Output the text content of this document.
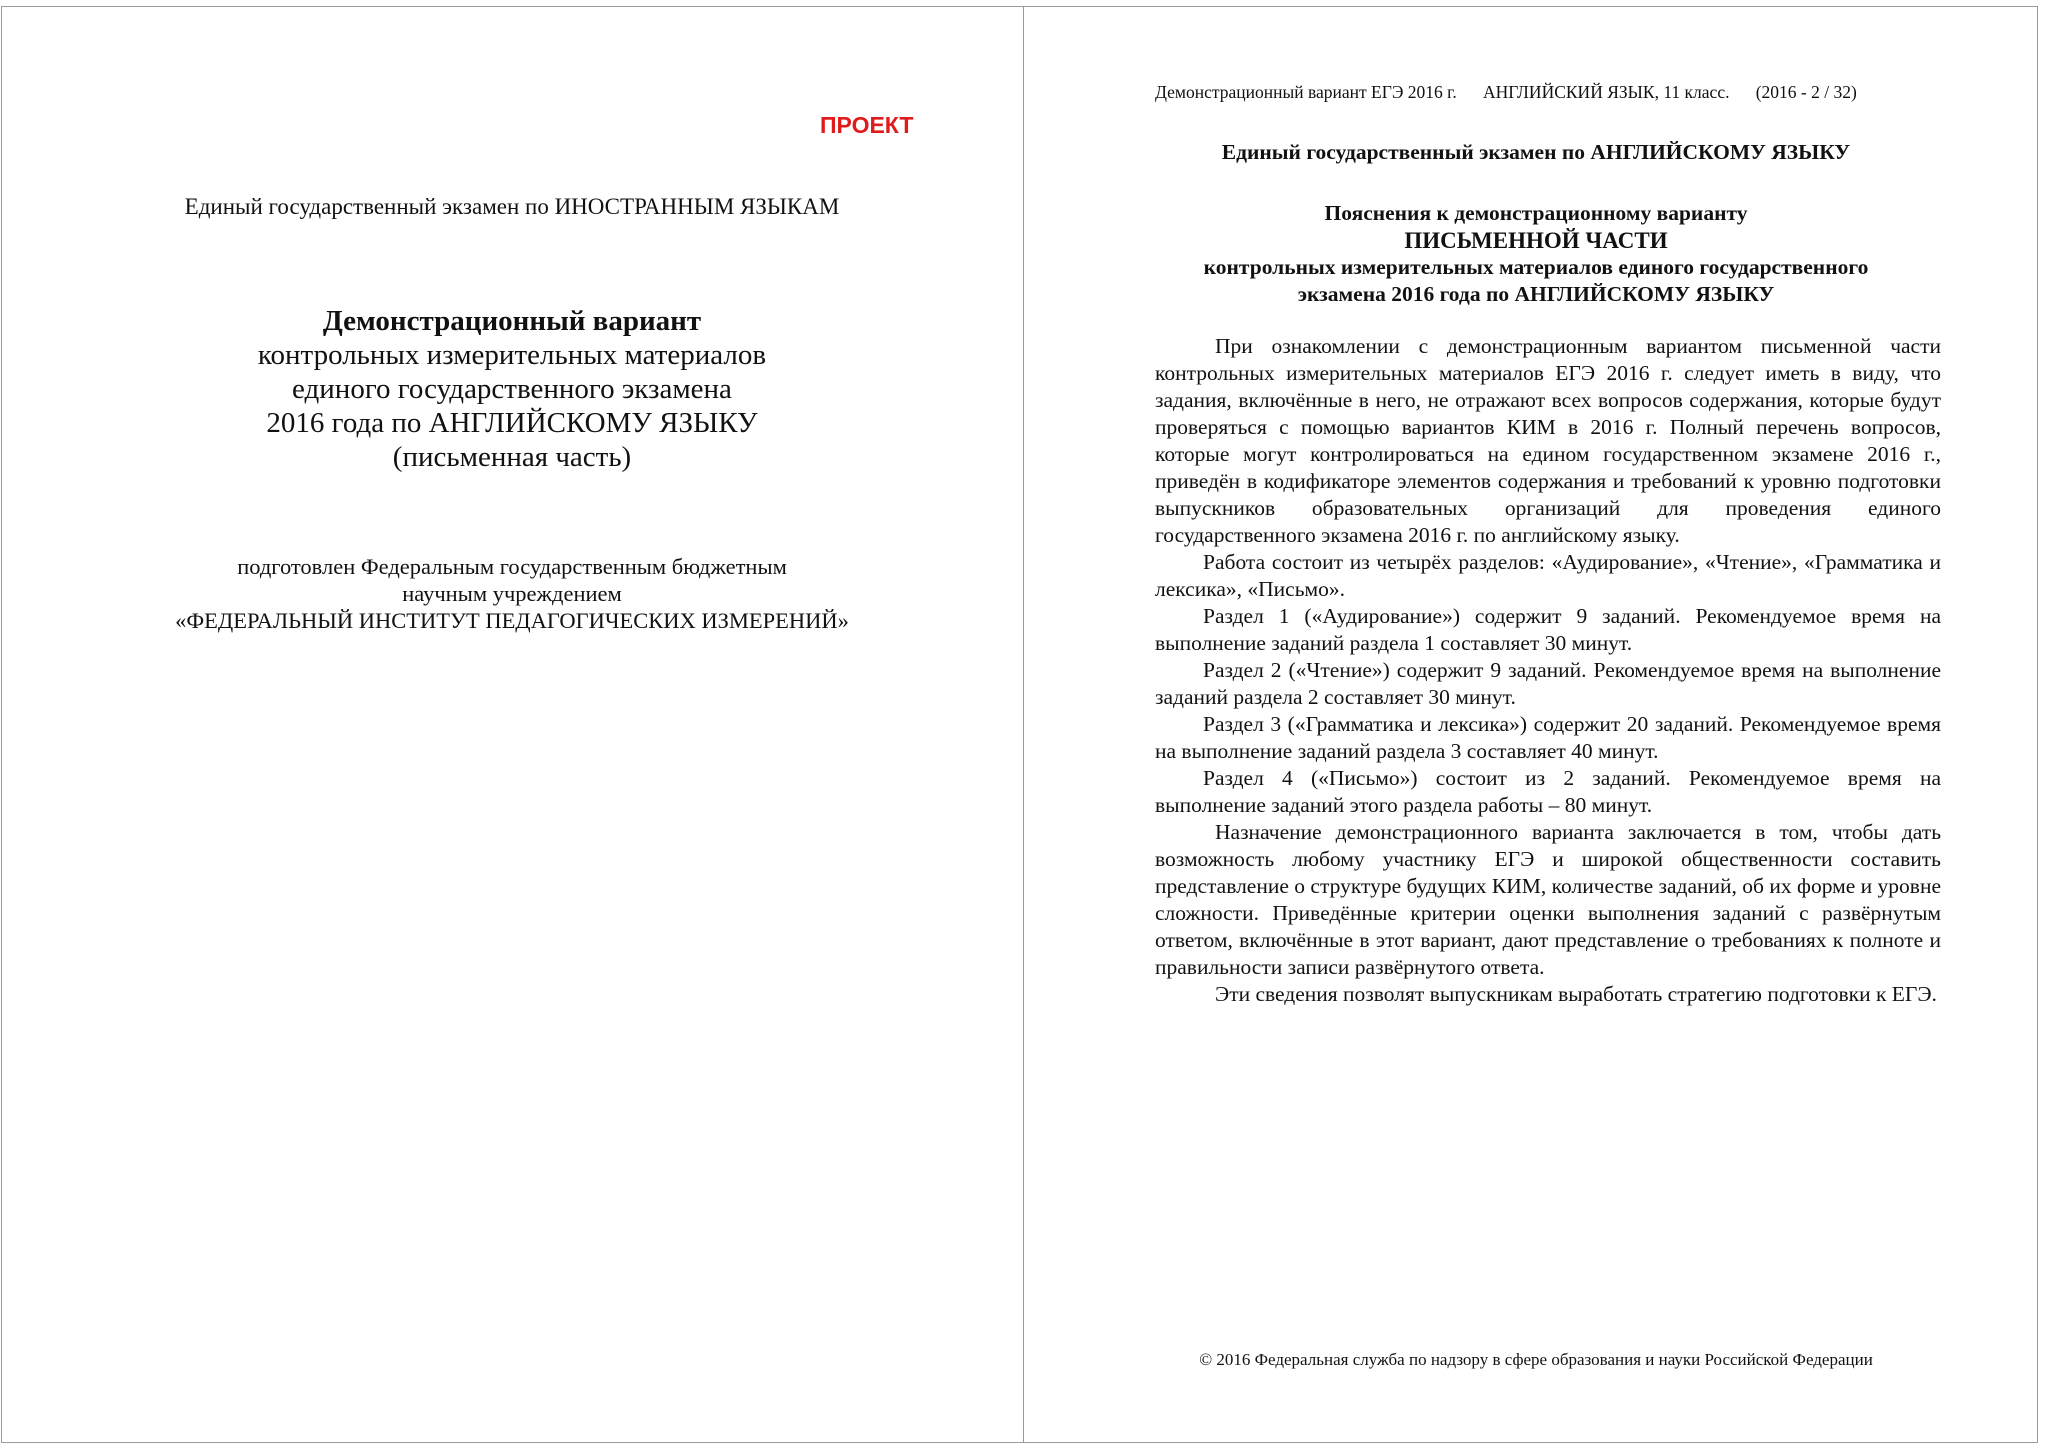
ПРОЕКТ
Единый государственный экзамен по ИНОСТРАННЫМ ЯЗЫКАМ
Демонстрационный вариант
контрольных измерительных материалов
единого государственного экзамена
2016 года по АНГЛИЙСКОМУ ЯЗЫКУ
(письменная часть)
подготовлен Федеральным государственным бюджетным
научным учреждением
«ФЕДЕРАЛЬНЫЙ ИНСТИТУТ ПЕДАГОГИЧЕСКИХ ИЗМЕРЕНИЙ»
Демонстрационный вариант ЕГЭ 2016 г. АНГЛИЙСКИЙ ЯЗЫК, 11 класс. (2016 - 2 / 32)
Единый государственный экзамен по АНГЛИЙСКОМУ ЯЗЫКУ
Пояснения к демонстрационному варианту
ПИСЬМЕННОЙ ЧАСТИ
контрольных измерительных материалов единого государственного
экзамена 2016 года по АНГЛИЙСКОМУ ЯЗЫКУ

При ознакомлении с демонстрационным вариантом письменной части контрольных измерительных материалов ЕГЭ 2016 г. следует иметь в виду, что задания, включённые в него, не отражают всех вопросов содержания, которые будут проверяться с помощью вариантов КИМ в 2016 г. Полный перечень вопросов, которые могут контролироваться на едином государственном экзамене 2016 г., приведён в кодификаторе элементов содержания и требований к уровню подготовки выпускников образовательных организаций для проведения единого государственного экзамена 2016 г. по английскому языку.

Работа состоит из четырёх разделов: «Аудирование», «Чтение», «Грамматика и лексика», «Письмо».

Раздел 1 («Аудирование») содержит 9 заданий. Рекомендуемое время на выполнение заданий раздела 1 составляет 30 минут.

Раздел 2 («Чтение») содержит 9 заданий. Рекомендуемое время на выполнение заданий раздела 2 составляет 30 минут.

Раздел 3 («Грамматика и лексика») содержит 20 заданий. Рекомендуемое время на выполнение заданий раздела 3 составляет 40 минут.

Раздел 4 («Письмо») состоит из 2 заданий. Рекомендуемое время на выполнение заданий этого раздела работы – 80 минут.

Назначение демонстрационного варианта заключается в том, чтобы дать возможность любому участнику ЕГЭ и широкой общественности составить представление о структуре будущих КИМ, количестве заданий, об их форме и уровне сложности. Приведённые критерии оценки выполнения заданий с развёрнутым ответом, включённые в этот вариант, дают представление о требованиях к полноте и правильности записи развёрнутого ответа.

Эти сведения позволят выпускникам выработать стратегию подготовки к ЕГЭ.

© 2016 Федеральная служба по надзору в сфере образования и науки Российской Федерации
